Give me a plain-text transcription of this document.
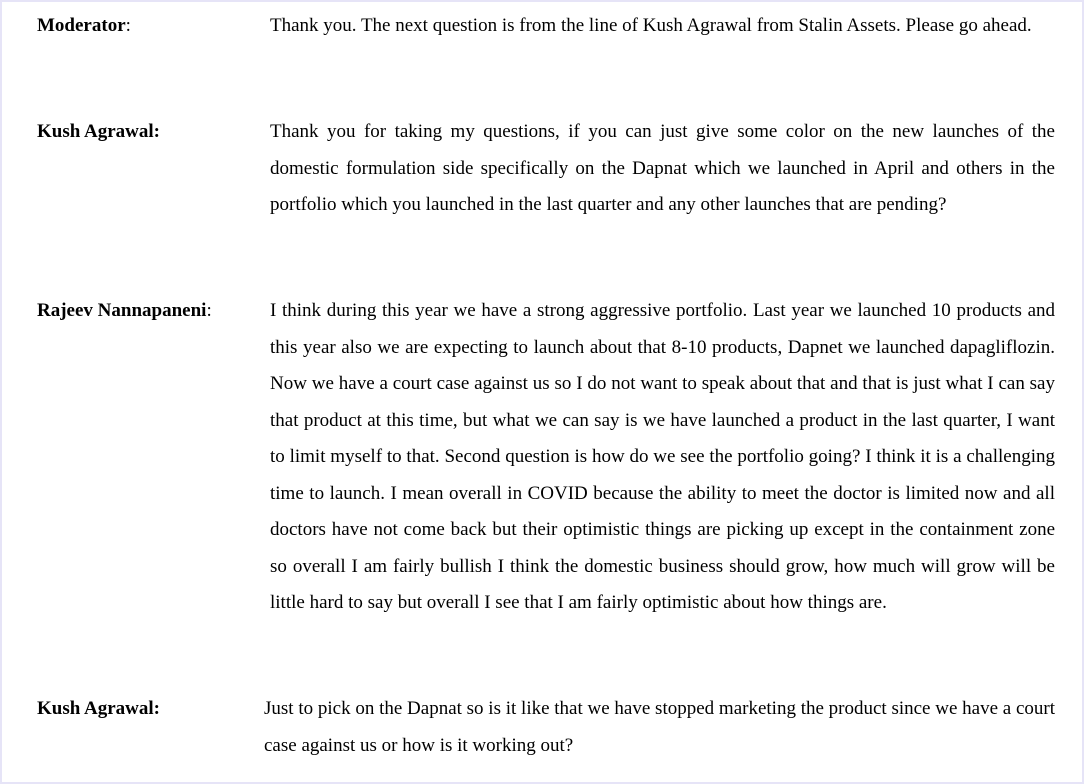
Moderator:	Thank you. The next question is from the line of Kush Agrawal from Stalin Assets. Please go ahead.

Kush Agrawal:	Thank you for taking my questions, if you can just give some color on the new launches of the domestic formulation side specifically on the Dapnat which we launched in April and others in the portfolio which you launched in the last quarter and any other launches that are pending?

Rajeev Nannapaneni:	I think during this year we have a strong aggressive portfolio. Last year we launched 10 products and this year also we are expecting to launch about that 8-10 products, Dapnet we launched dapagliflozin. Now we have a court case against us so I do not want to speak about that and that is just what I can say that product at this time, but what we can say is we have launched a product in the last quarter, I want to limit myself to that. Second question is how do we see the portfolio going? I think it is a challenging time to launch. I mean overall in COVID because the ability to meet the doctor is limited now and all doctors have not come back but their optimistic things are picking up except in the containment zone so overall I am fairly bullish I think the domestic business should grow, how much will grow will be little hard to say but overall I see that I am fairly optimistic about how things are.

Kush Agrawal:	Just to pick on the Dapnat so is it like that we have stopped marketing the product since we have a court case against us or how is it working out?
